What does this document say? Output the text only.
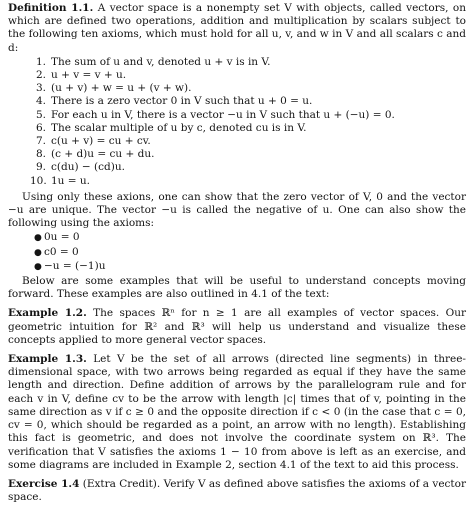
Definition 1.1. A vector space is a nonempty set V with objects, called vectors, on which are defined two operations, addition and multiplication by scalars subject to the following ten axioms, which must hold for all u, v, and w in V and all scalars c and d:

1. The sum of u and v, denoted u + v is in V.
2. u + v = v + u.
3. (u + v) + w = u + (v + w).
4. There is a zero vector 0 in V such that u + 0 = u.
5. For each u in V, there is a vector −u in V such that u + (−u) = 0.
6. The scalar multiple of u by c, denoted cu is in V.
7. c(u + v) = cu + cv.
8. (c + d)u = cu + du.
9. c(du) − (cd)u.
10. 1u = u.

Using only these axions, one can show that the zero vector of V, 0 and the vector −u are unique. The vector −u is called the negative of u. One can also show the following using the axioms:

● 0u = 0
● c0 = 0
● −u = (−1)u

Below are some examples that will be useful to understand concepts moving forward. These examples are also outlined in 4.1 of the text:

Example 1.2. The spaces ℝⁿ for n ≥ 1 are all examples of vector spaces. Our geometric intuition for ℝ² and ℝ³ will help us understand and visualize these concepts applied to more general vector spaces.

Example 1.3. Let V be the set of all arrows (directed line segments) in three-dimensional space, with two arrows being regarded as equal if they have the same length and direction. Define addition of arrows by the parallelogram rule and for each v in V, define cv to be the arrow with length |c| times that of v, pointing in the same direction as v if c ≥ 0 and the opposite direction if c < 0 (in the case that c = 0, cv = 0, which should be regarded as a point, an arrow with no length). Establishing this fact is geometric, and does not involve the coordinate system on ℝ³. The verification that V satisfies the axioms 1 − 10 from above is left as an exercise, and some diagrams are included in Example 2, section 4.1 of the text to aid this process.

Exercise 1.4 (Extra Credit). Verify V as defined above satisfies the axioms of a vector space.
